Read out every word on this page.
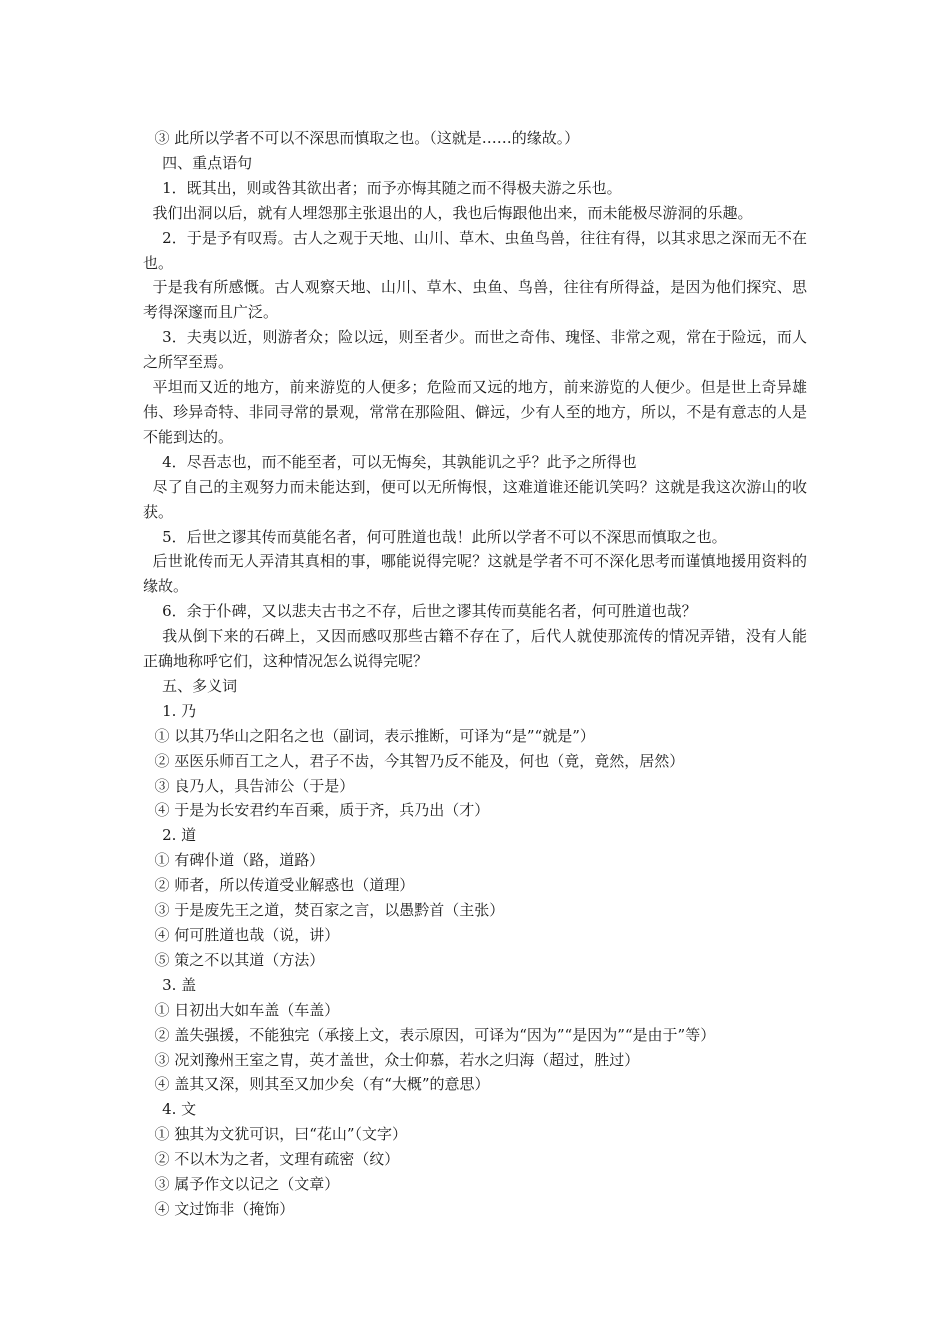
③ 此所以学者不可以不深思而慎取之也。（这就是……的缘故。）

四、重点语句

1．既其出，则或咎其欲出者；而予亦悔其随之而不得极夫游之乐也。

我们出洞以后，就有人埋怨那主张退出的人，我也后悔跟他出来，而未能极尽游洞的乐趣。

2．于是予有叹焉。古人之观于天地、山川、草木、虫鱼鸟兽，往往有得，以其求思之深而无不在也。

于是我有所感慨。古人观察天地、山川、草木、虫鱼、鸟兽，往往有所得益，是因为他们探究、思考得深邃而且广泛。

3．夫夷以近，则游者众；险以远，则至者少。而世之奇伟、瑰怪、非常之观，常在于险远，而人之所罕至焉。

平坦而又近的地方，前来游览的人便多；危险而又远的地方，前来游览的人便少。但是世上奇异雄伟、珍异奇特、非同寻常的景观，常常在那险阻、僻远，少有人至的地方，所以，不是有意志的人是不能到达的。

4．尽吾志也，而不能至者，可以无悔矣，其孰能讥之乎？此予之所得也

尽了自己的主观努力而未能达到，便可以无所悔恨，这难道谁还能讥笑吗？这就是我这次游山的收获。

5．后世之谬其传而莫能名者，何可胜道也哉！此所以学者不可以不深思而慎取之也。

后世讹传而无人弄清其真相的事，哪能说得完呢？这就是学者不可不深化思考而谨慎地援用资料的缘故。

6．余于仆碑，又以悲夫古书之不存，后世之谬其传而莫能名者，何可胜道也哉？

我从倒下来的石碑上，又因而感叹那些古籍不存在了，后代人就使那流传的情况弄错，没有人能正确地称呼它们，这种情况怎么说得完呢？

五、多义词

1. 乃

① 以其乃华山之阳名之也（副词，表示推断，可译为“是”“就是”）

② 巫医乐师百工之人，君子不齿，今其智乃反不能及，何也（竟，竟然，居然）

③ 良乃人，具告沛公（于是）

④ 于是为长安君约车百乘，质于齐，兵乃出（才）

2. 道

① 有碑仆道（路，道路）

② 师者，所以传道受业解惑也（道理）

③ 于是废先王之道，焚百家之言，以愚黔首（主张）

④ 何可胜道也哉（说，讲）

⑤ 策之不以其道（方法）

3. 盖

① 日初出大如车盖（车盖）

② 盖失强援，不能独完（承接上文，表示原因，可译为“因为”“是因为”“是由于”等）

③ 况刘豫州王室之胄，英才盖世，众士仰慕，若水之归海（超过，胜过）

④ 盖其又深，则其至又加少矣（有“大概”的意思）

4. 文

① 独其为文犹可识，曰“花山”（文字）

② 不以木为之者，文理有疏密（纹）

③ 属予作文以记之（文章）

④ 文过饰非（掩饰）
